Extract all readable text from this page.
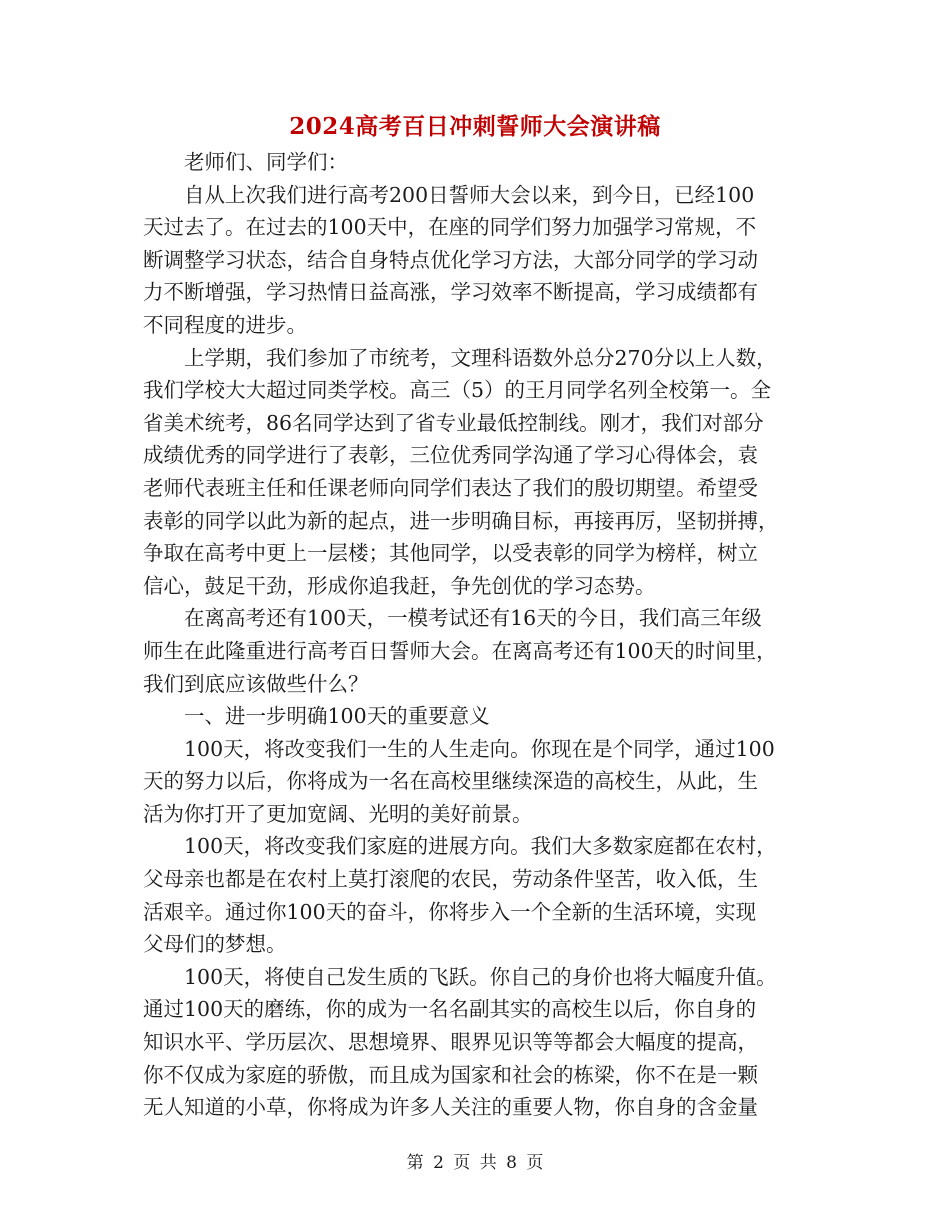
2024高考百日冲刺誓师大会演讲稿

老师们、同学们：

自从上次我们进行高考200日誓师大会以来，到今日，已经100
天过去了。在过去的100天中，在座的同学们努力加强学习常规，不
断调整学习状态，结合自身特点优化学习方法，大部分同学的学习动
力不断增强，学习热情日益高涨，学习效率不断提高，学习成绩都有
不同程度的进步。

上学期，我们参加了市统考，文理科语数外总分270分以上人数，
我们学校大大超过同类学校。高三（5）的王月同学名列全校第一。全
省美术统考，86名同学达到了省专业最低控制线。刚才，我们对部分
成绩优秀的同学进行了表彰，三位优秀同学沟通了学习心得体会，袁
老师代表班主任和任课老师向同学们表达了我们的殷切期望。希望受
表彰的同学以此为新的起点，进一步明确目标，再接再厉，坚韧拼搏，
争取在高考中更上一层楼；其他同学，以受表彰的同学为榜样，树立
信心，鼓足干劲，形成你追我赶，争先创优的学习态势。

在离高考还有100天，一模考试还有16天的今日，我们高三年级
师生在此隆重进行高考百日誓师大会。在离高考还有100天的时间里，
我们到底应该做些什么？

一、进一步明确100天的重要意义

100天，将改变我们一生的人生走向。你现在是个同学，通过100
天的努力以后，你将成为一名在高校里继续深造的高校生，从此，生
活为你打开了更加宽阔、光明的美好前景。

100天，将改变我们家庭的进展方向。我们大多数家庭都在农村，
父母亲也都是在农村上莫打滚爬的农民，劳动条件坚苦，收入低，生
活艰辛。通过你100天的奋斗，你将步入一个全新的生活环境，实现
父母们的梦想。

100天，将使自己发生质的飞跃。你自己的身价也将大幅度升值。
通过100天的磨练，你的成为一名名副其实的高校生以后，你自身的
知识水平、学历层次、思想境界、眼界见识等等都会大幅度的提高，
你不仅成为家庭的骄傲，而且成为国家和社会的栋梁，你不在是一颗
无人知道的小草，你将成为许多人关注的重要人物，你自身的含金量

第 2 页 共 8 页
